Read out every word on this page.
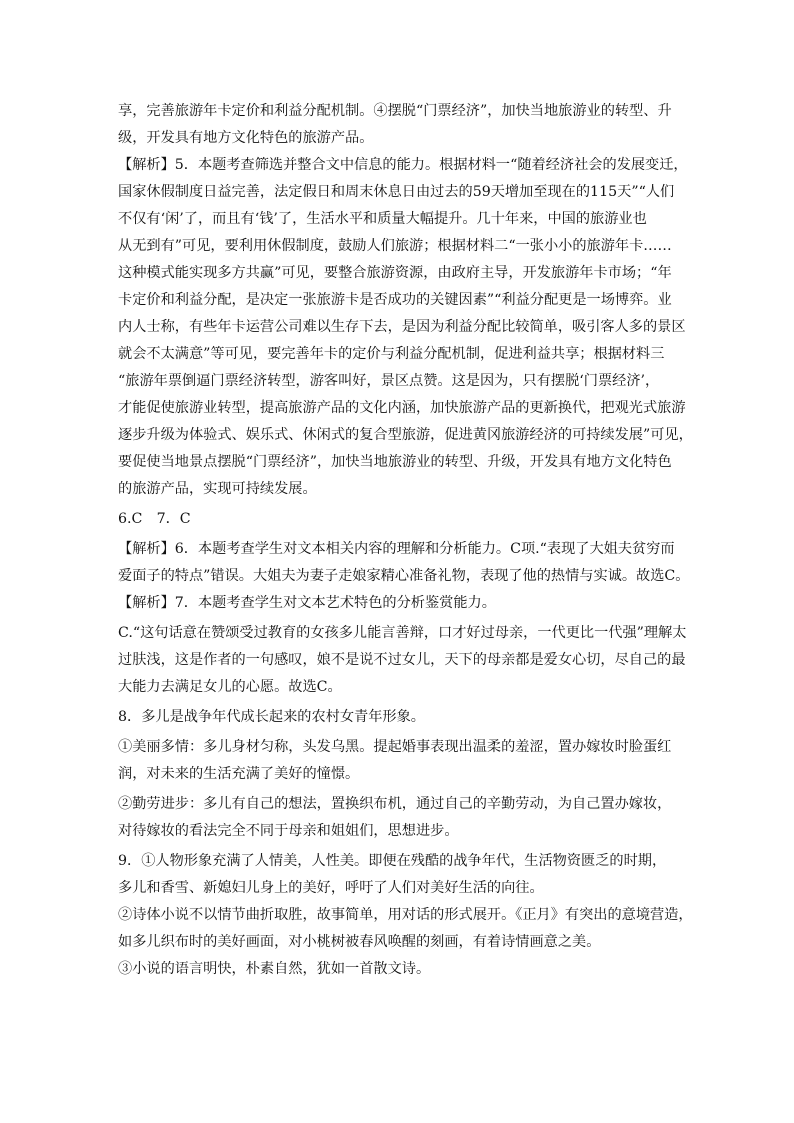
享，完善旅游年卡定价和利益分配机制。④摆脱“门票经济”，加快当地旅游业的转型、升
级，开发具有地方文化特色的旅游产品。
【解析】5．本题考查筛选并整合文中信息的能力。根据材料一“随着经济社会的发展变迁，
国家休假制度日益完善，法定假日和周末休息日由过去的59天增加至现在的115天”“人们
不仅有‘闲’了，而且有‘钱’了，生活水平和质量大幅提升。几十年来，中国的旅游业也
从无到有”可见，要利用休假制度，鼓励人们旅游；根据材料二“一张小小的旅游年卡……
这种模式能实现多方共赢”可见，要整合旅游资源，由政府主导，开发旅游年卡市场；“年
卡定价和利益分配，是决定一张旅游卡是否成功的关键因素”“利益分配更是一场博弈。业
内人士称，有些年卡运营公司难以生存下去，是因为利益分配比较简单，吸引客人多的景区
就会不太满意”等可见，要完善年卡的定价与利益分配机制，促进利益共享；根据材料三
“旅游年票倒逼门票经济转型，游客叫好，景区点赞。这是因为，只有摆脱‘门票经济’，
才能促使旅游业转型，提高旅游产品的文化内涵，加快旅游产品的更新换代，把观光式旅游
逐步升级为体验式、娱乐式、休闲式的复合型旅游，促进黄冈旅游经济的可持续发展”可见，
要促使当地景点摆脱“门票经济”，加快当地旅游业的转型、升级，开发具有地方文化特色
的旅游产品，实现可持续发展。
6.C　7．C
【解析】6．本题考查学生对文本相关内容的理解和分析能力。C项.“表现了大姐夫贫穷而
爱面子的特点”错误。大姐夫为妻子走娘家精心准备礼物，表现了他的热情与实诚。故选C。
【解析】7．本题考查学生对文本艺术特色的分析鉴赏能力。
C.“这句话意在赞颂受过教育的女孩多儿能言善辩，口才好过母亲，一代更比一代强”理解太
过肤浅，这是作者的一句感叹，娘不是说不过女儿，天下的母亲都是爱女心切，尽自己的最
大能力去满足女儿的心愿。故选C。
8．多儿是战争年代成长起来的农村女青年形象。
①美丽多情：多儿身材匀称，头发乌黑。提起婚事表现出温柔的羞涩，置办嫁妆时脸蛋红
润，对未来的生活充满了美好的憧憬。
②勤劳进步：多儿有自己的想法，置换织布机，通过自己的辛勤劳动，为自己置办嫁妆，
对待嫁妆的看法完全不同于母亲和姐姐们，思想进步。
9．①人物形象充满了人情美，人性美。即便在残酷的战争年代，生活物资匮乏的时期，
多儿和香雪、新媳妇儿身上的美好，呼吁了人们对美好生活的向往。
②诗体小说不以情节曲折取胜，故事简单，用对话的形式展开。《正月》有突出的意境营造，
如多儿织布时的美好画面，对小桃树被春风唤醒的刻画，有着诗情画意之美。
③小说的语言明快，朴素自然，犹如一首散文诗。
